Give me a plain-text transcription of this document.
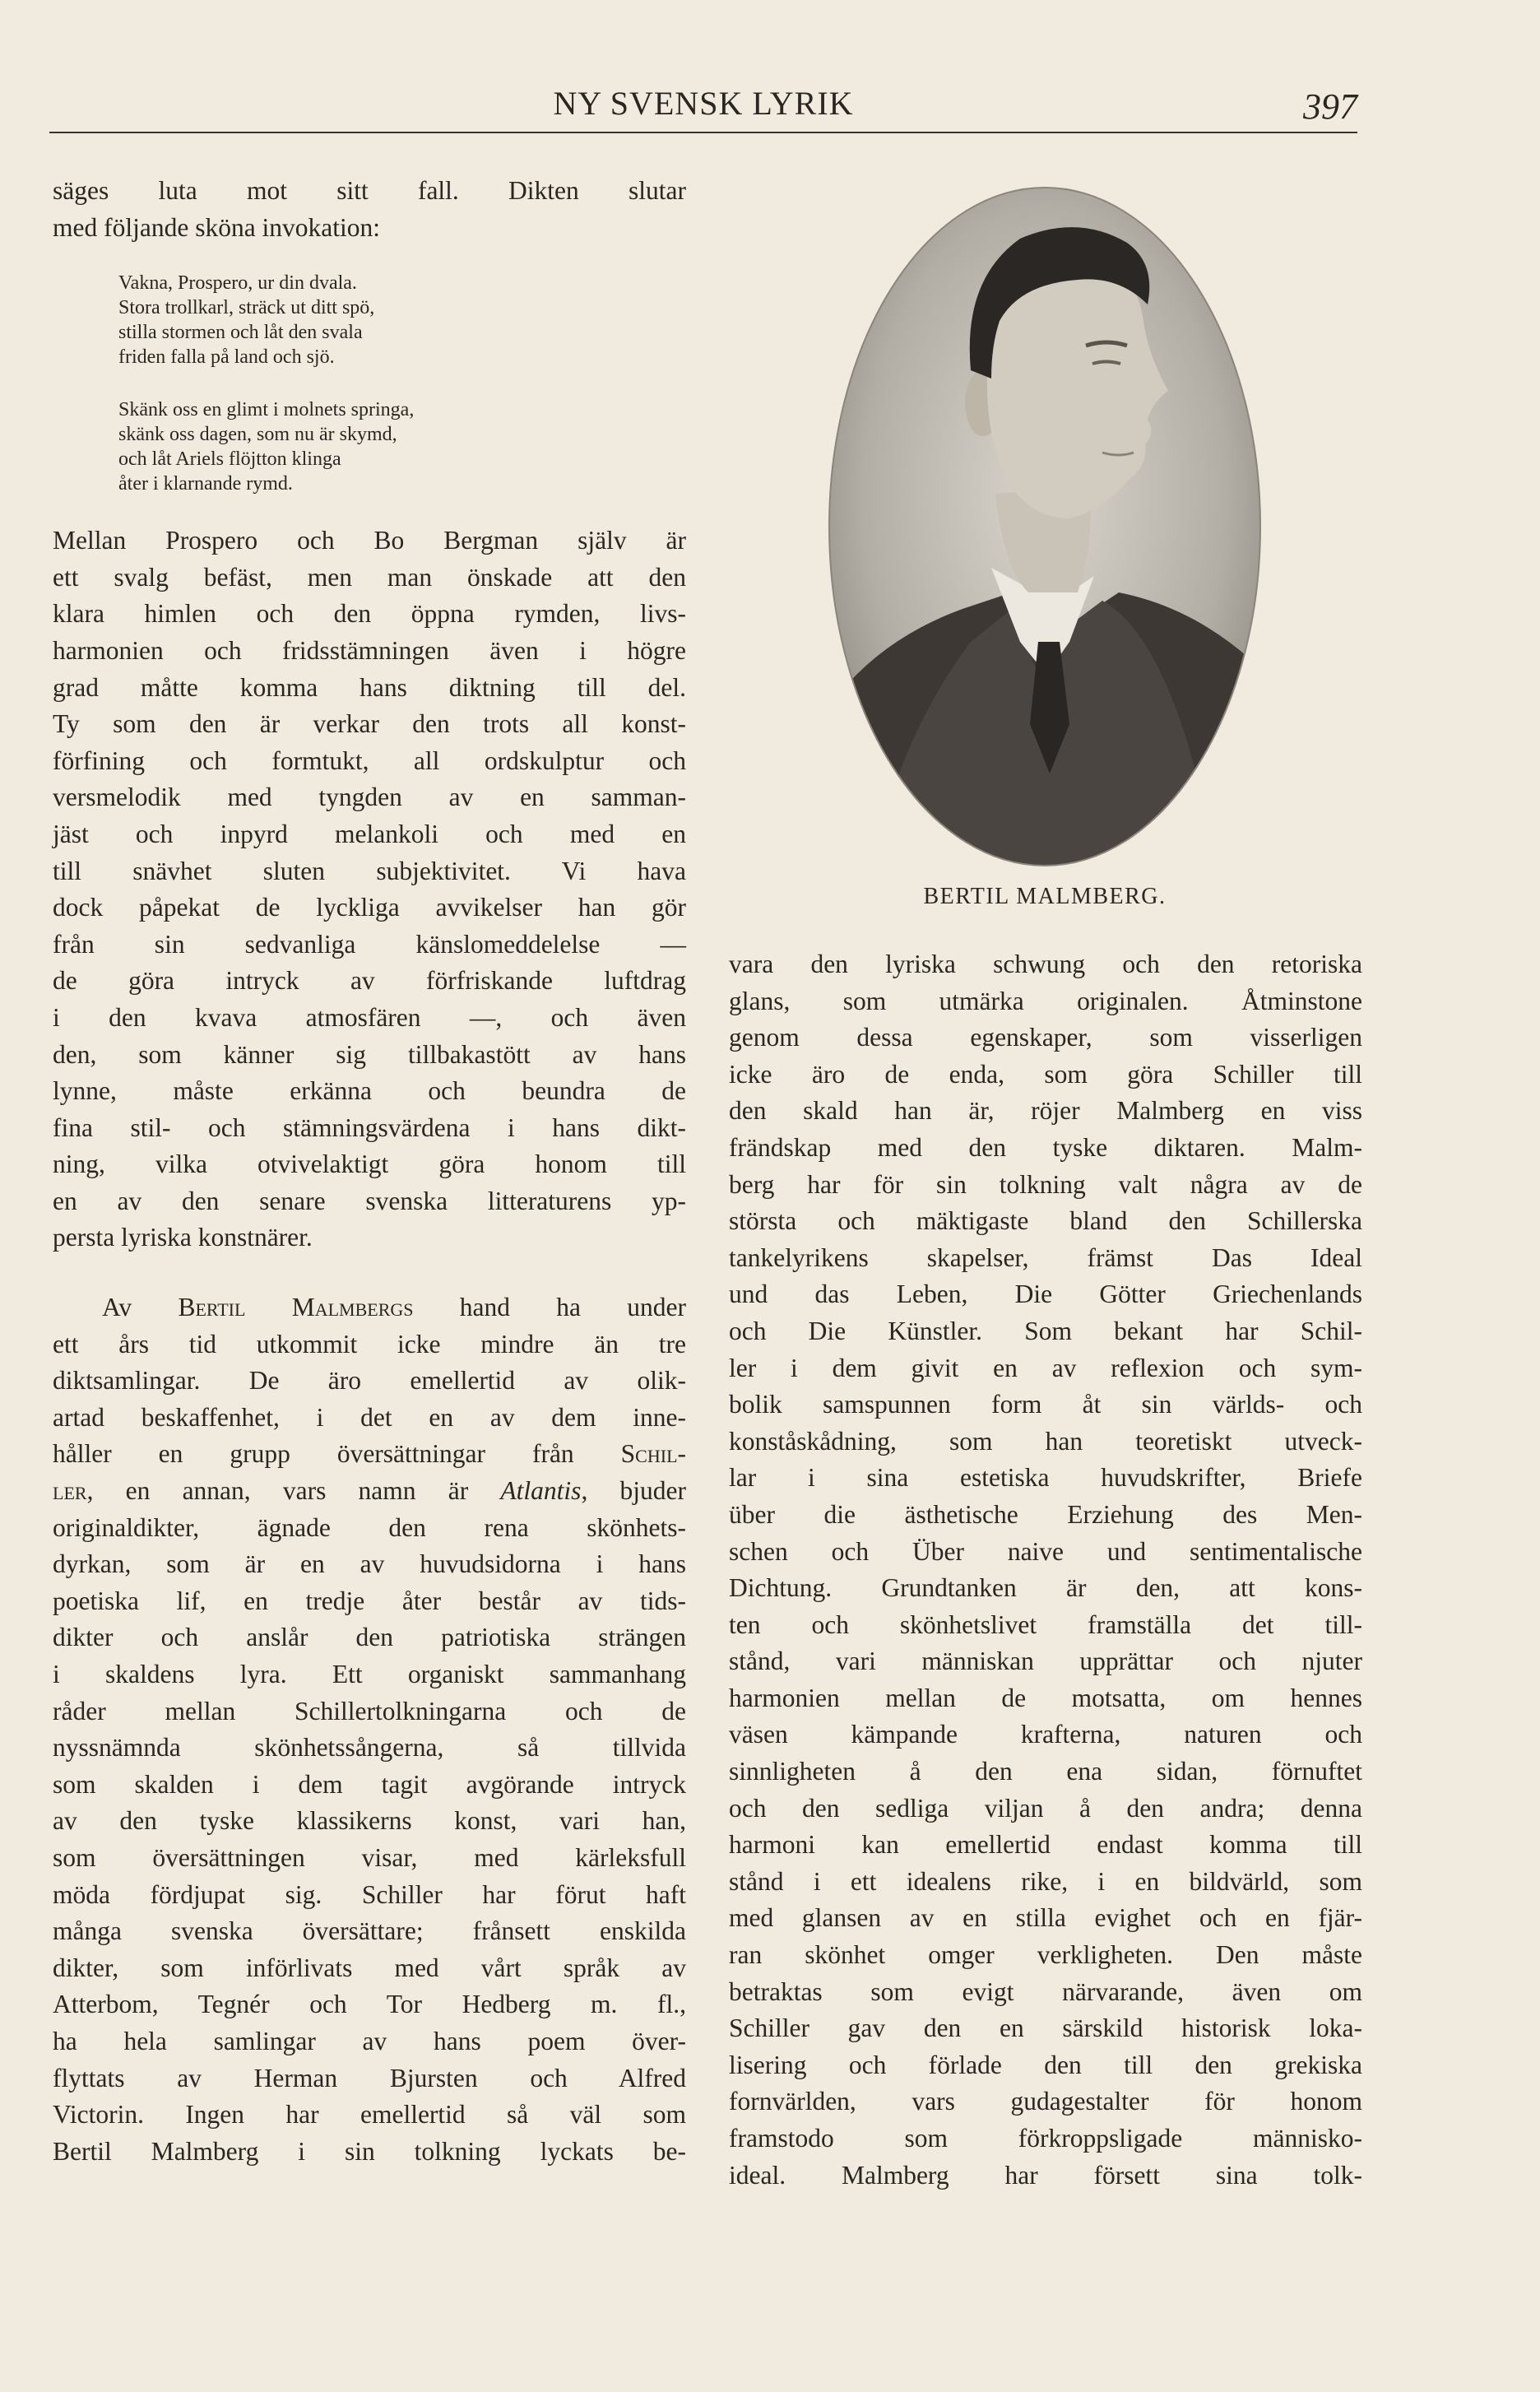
NY SVENSK LYRIK	397

säges luta mot sitt fall. Dikten slutar
med följande sköna invokation:

Vakna, Prospero, ur din dvala.
Stora trollkarl, sträck ut ditt spö,
stilla stormen och låt den svala
friden falla på land och sjö.

Skänk oss en glimt i molnets springa,
skänk oss dagen, som nu är skymd,
och låt Ariels flöjtton klinga
åter i klarnande rymd.

Mellan Prospero och Bo Bergman själv är
ett svalg befäst, men man önskade att den
klara himlen och den öppna rymden, livs-
harmonien och fridsstämningen även i högre
grad måtte komma hans diktning till del.
Ty som den är verkar den trots all konst-
förfining och formtukt, all ordskulptur och
versmelodik med tyngden av en samman-
jäst och inpyrd melankoli och med en
till snävhet sluten subjektivitet. Vi hava
dock påpekat de lyckliga avvikelser han gör
från sin sedvanliga känslomeddelelse —
de göra intryck av förfriskande luftdrag
i den kvava atmosfären —, och även
den, som känner sig tillbakastött av hans
lynne, måste erkänna och beundra de
fina stil- och stämningsvärdena i hans dikt-
ning, vilka otvivelaktigt göra honom till
en av den senare svenska litteraturens yp-
persta lyriska konstnärer.

Av Bertil Malmbergs hand ha under
ett års tid utkommit icke mindre än tre
diktsamlingar. De äro emellertid av olik-
artad beskaffenhet, i det en av dem inne-
håller en grupp översättningar från Schil-
ler, en annan, vars namn är Atlantis, bjuder
originaldikter, ägnade den rena skönhets-
dyrkan, som är en av huvudsidorna i hans
poetiska lif, en tredje åter består av tids-
dikter och anslår den patriotiska strängen
i skaldens lyra. Ett organiskt sammanhang
råder mellan Schillertolkningarna och de
nyssnämnda skönhetssångerna, så tillvida
som skalden i dem tagit avgörande intryck
av den tyske klassikerns konst, vari han,
som översättningen visar, med kärleksfull
möda fördjupat sig. Schiller har förut haft
många svenska översättare; frånsett enskilda
dikter, som införlivats med vårt språk av
Atterbom, Tegnér och Tor Hedberg m. fl.,
ha hela samlingar av hans poem över-
flyttats av Herman Bjursten och Alfred
Victorin. Ingen har emellertid så väl som
Bertil Malmberg i sin tolkning lyckats be-

BERTIL MALMBERG.

vara den lyriska schwung och den retoriska
glans, som utmärka originalen. Åtminstone
genom dessa egenskaper, som visserligen
icke äro de enda, som göra Schiller till
den skald han är, röjer Malmberg en viss
frändskap med den tyske diktaren. Malm-
berg har för sin tolkning valt några av de
största och mäktigaste bland den Schillerska
tankelyrikens skapelser, främst Das Ideal
und das Leben, Die Götter Griechenlands
och Die Künstler. Som bekant har Schil-
ler i dem givit en av reflexion och sym-
bolik samspunnen form åt sin världs- och
konståskådning, som han teoretiskt utveck-
lar i sina estetiska huvudskrifter, Briefe
über die ästhetische Erziehung des Men-
schen och Über naive und sentimentalische
Dichtung. Grundtanken är den, att kons-
ten och skönhetslivet framställa det till-
stånd, vari människan upprättar och njuter
harmonien mellan de motsatta, om hennes
väsen kämpande krafterna, naturen och
sinnligheten å den ena sidan, förnuftet
och den sedliga viljan å den andra; denna
harmoni kan emellertid endast komma till
stånd i ett idealens rike, i en bildvärld, som
med glansen av en stilla evighet och en fjär-
ran skönhet omger verkligheten. Den måste
betraktas som evigt närvarande, även om
Schiller gav den en särskild historisk loka-
lisering och förlade den till den grekiska
fornvärlden, vars gudagestalter för honom
framstodo som förkroppsligade människo-
ideal. Malmberg har försett sina tolk-
